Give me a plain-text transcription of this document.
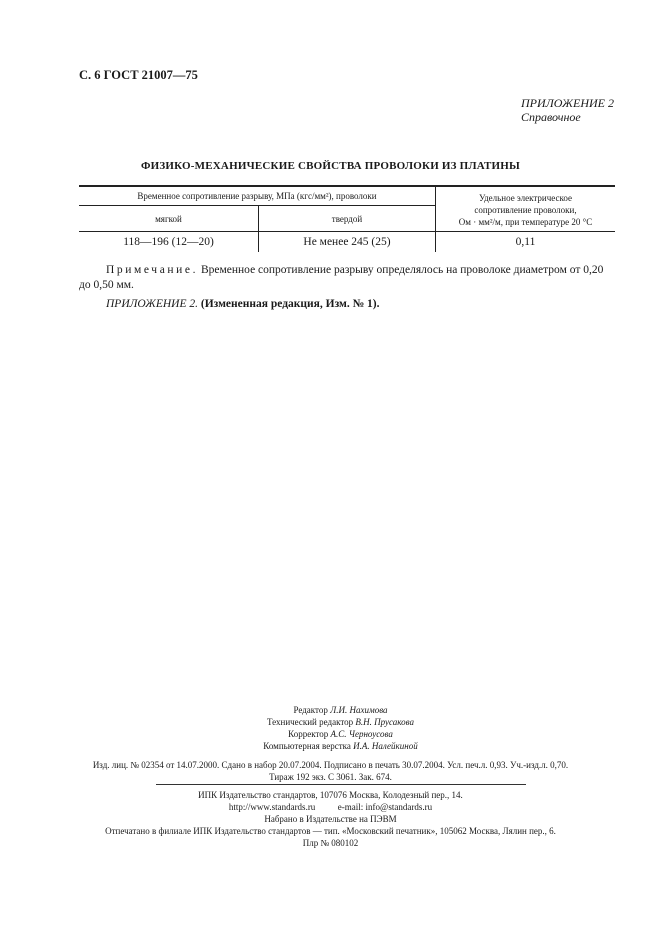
С. 6 ГОСТ 21007—75
ПРИЛОЖЕНИЕ 2
Справочное
ФИЗИКО-МЕХАНИЧЕСКИЕ СВОЙСТВА ПРОВОЛОКИ ИЗ ПЛАТИНЫ
Временное сопротивление разрыву, МПа (кгс/мм²), проволоки		Удельное электрическое
сопротивление проволоки,
Ом · мм²/м, при температуре 20 °С

мягкой	твердой	
118—196 (12—20)	Не менее 245 (25)	0,11
Примечание. Временное сопротивление разрыву определялось на проволоке диаметром от 0,20 до 0,50 мм.
ПРИЛОЖЕНИЕ 2. (Измененная редакция, Изм. № 1).
Редактор Л.И. Нахимова
Технический редактор В.Н. Прусакова
Корректор А.С. Черноусова
Компьютерная верстка И.А. Налейкиной
Изд. лиц. № 02354 от 14.07.2000. Сдано в набор 20.07.2004. Подписано в печать 30.07.2004. Усл. печ.л. 0,93. Уч.-изд.л. 0,70.
Тираж 192 экз. С 3061. Зак. 674.
ИПК Издательство стандартов, 107076 Москва, Колодезный пер., 14.
http://www.standards.ru          e-mail: info@standards.ru
Набрано в Издательстве на ПЭВМ
Отпечатано в филиале ИПК Издательство стандартов — тип. «Московский печатник», 105062 Москва, Лялин пер., 6.
Плр № 080102
